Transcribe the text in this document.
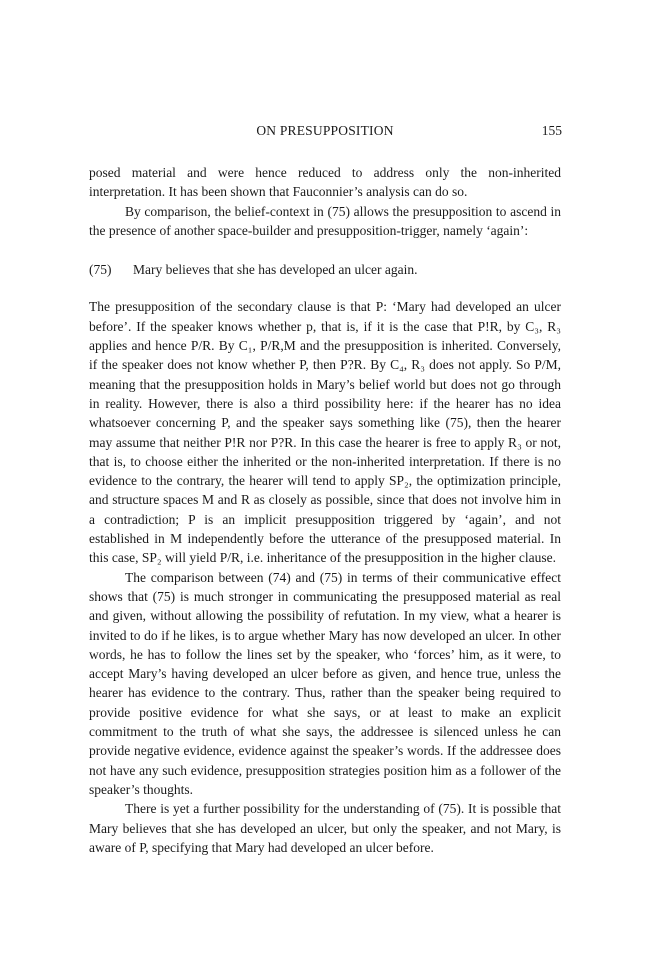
ON PRESUPPOSITION	155

posed material and were hence reduced to address only the non-inherited interpretation. It has been shown that Fauconnier’s analysis can do so.

By comparison, the belief-context in (75) allows the presupposition to ascend in the presence of another space-builder and presupposition-trigger, namely ‘again’:

(75)	Mary believes that she has developed an ulcer again.

The presupposition of the secondary clause is that P: ‘Mary had developed an ulcer before’. If the speaker knows whether p, that is, if it is the case that P!R, by C₃, R₃ applies and hence P/R. By C₁, P/R,M and the presupposition is inherited. Conversely, if the speaker does not know whether P, then P?R. By C₄, R₃ does not apply. So P/M, meaning that the presupposition holds in Mary’s belief world but does not go through in reality. However, there is also a third possibility here: if the hearer has no idea whatsoever concerning P, and the speaker says something like (75), then the hearer may assume that neither P!R nor P?R. In this case the hearer is free to apply R₃ or not, that is, to choose either the inherited or the non-inherited interpretation. If there is no evidence to the contrary, the hearer will tend to apply SP₂, the optimization principle, and structure spaces M and R as closely as possible, since that does not involve him in a contradiction; P is an implicit presupposition triggered by ‘again’, and not established in M independently before the utterance of the presupposed material. In this case, SP₂ will yield P/R, i.e. inheritance of the presupposition in the higher clause.

The comparison between (74) and (75) in terms of their communicative effect shows that (75) is much stronger in communicating the presupposed material as real and given, without allowing the possibility of refutation. In my view, what a hearer is invited to do if he likes, is to argue whether Mary has now developed an ulcer. In other words, he has to follow the lines set by the speaker, who ‘forces’ him, as it were, to accept Mary’s having developed an ulcer before as given, and hence true, unless the hearer has evidence to the contrary. Thus, rather than the speaker being required to provide positive evidence for what she says, or at least to make an explicit commitment to the truth of what she says, the addressee is silenced unless he can provide negative evidence, evidence against the speaker’s words. If the addressee does not have any such evidence, presupposition strategies position him as a follower of the speaker’s thoughts.

There is yet a further possibility for the understanding of (75). It is possible that Mary believes that she has developed an ulcer, but only the speaker, and not Mary, is aware of P, specifying that Mary had developed an ulcer before.
